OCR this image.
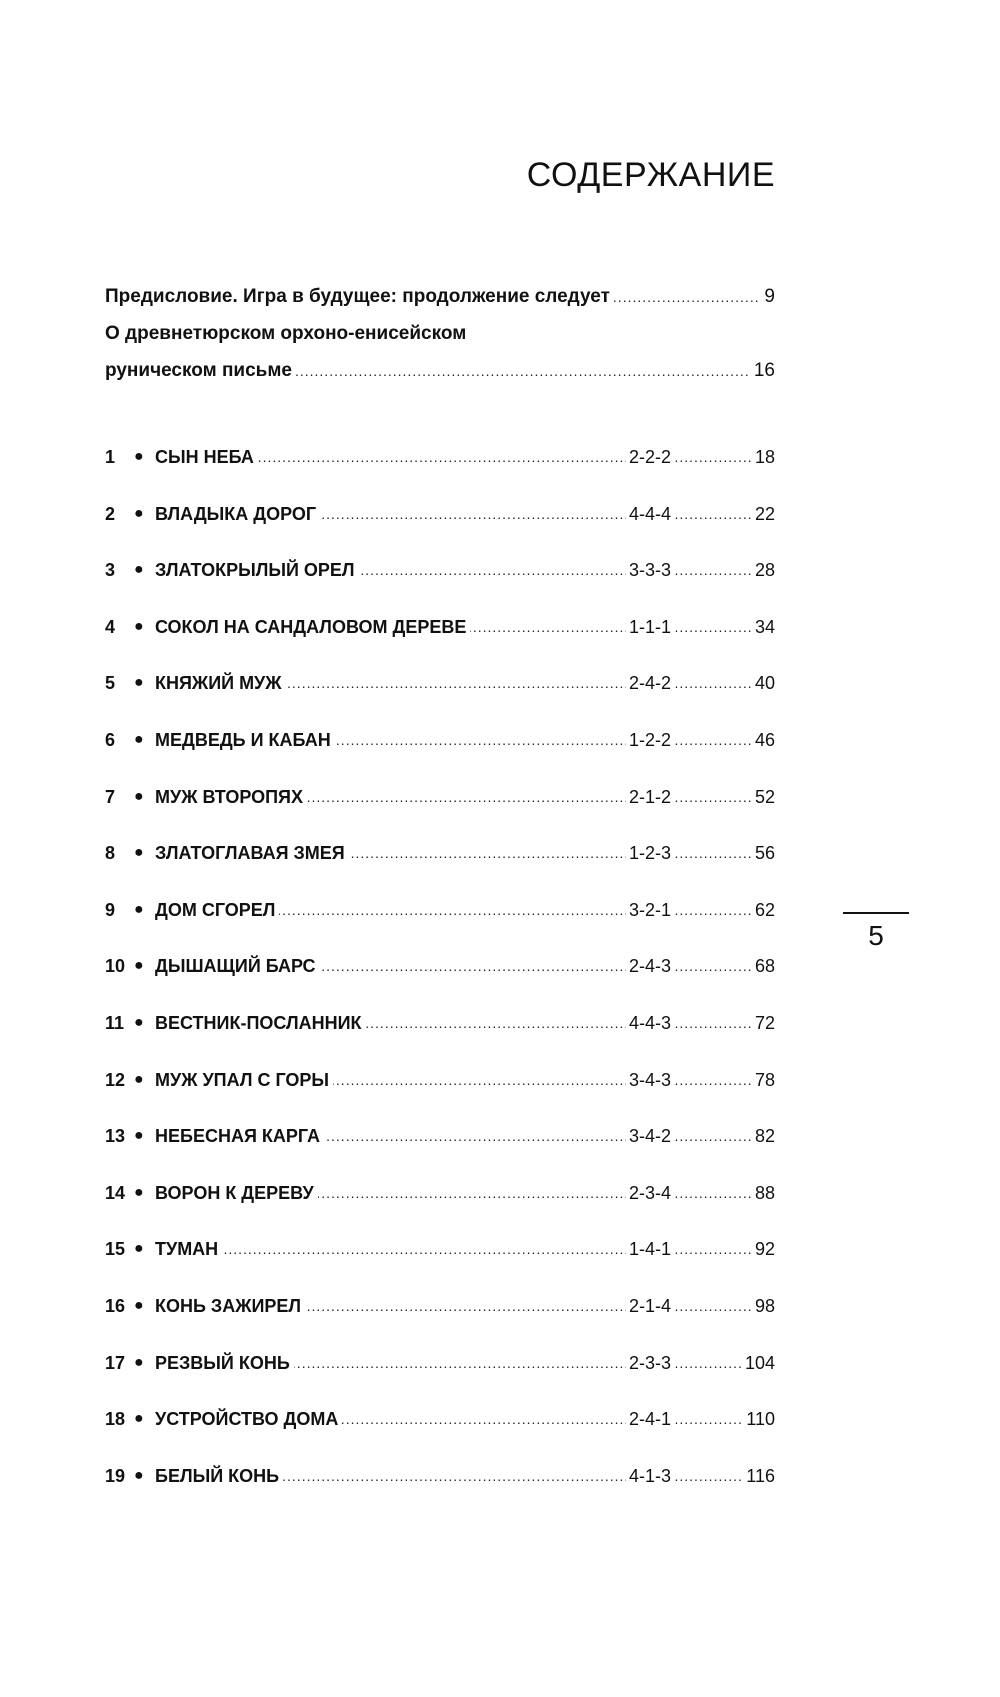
СОДЕРЖАНИЕ
Предисловие. Игра в будущее: продолжение следует .....	9
О древнетюрском орхоно-енисейском
руническом письме .....	16
.....
.....
1 ● СЫН НЕБА	2-2-2	18
.....
.....
2 ● ВЛАДЫКА ДОРОГ	4-4-4	22
.....
.....
3 ● ЗЛАТОКРЫЛЫЙ ОРЕЛ	3-3-3	28
.....
.....
4 ● СОКОЛ НА САНДАЛОВОМ ДЕРЕВЕ	1-1-1	34
.....
.....
5 ● КНЯЖИЙ МУЖ	2-4-2	40
.....
.....
6 ● МЕДВЕДЬ И КАБАН	1-2-2	46
.....
.....
7 ● МУЖ ВТОРОПЯХ	2-1-2	52
.....
.....
8 ● ЗЛАТОГЛАВАЯ ЗМЕЯ	1-2-3	56
.....
.....
9 ● ДОМ СГОРЕЛ	3-2-1	62
.....
.....
10 ● ДЫШАЩИЙ БАРС	2-4-3	68
.....
.....
11 ● ВЕСТНИК-ПОСЛАННИК	4-4-3	72
.....
.....
12 ● МУЖ УПАЛ С ГОРЫ	3-4-3	78
.....
.....
13 ● НЕБЕСНАЯ КАРГА	3-4-2	82
.....
.....
14 ● ВОРОН К ДЕРЕВУ	2-3-4	88
.....
.....
15 ● ТУМАН	1-4-1	92
.....
.....
16 ● КОНЬ ЗАЖИРЕЛ	2-1-4	98
.....
.....
17 ● РЕЗВЫЙ КОНЬ	2-3-3	104
.....
.....
18 ● УСТРОЙСТВО ДОМА	2-4-1	110
.....
.....
19 ● БЕЛЫЙ КОНЬ	4-1-3	116
5
